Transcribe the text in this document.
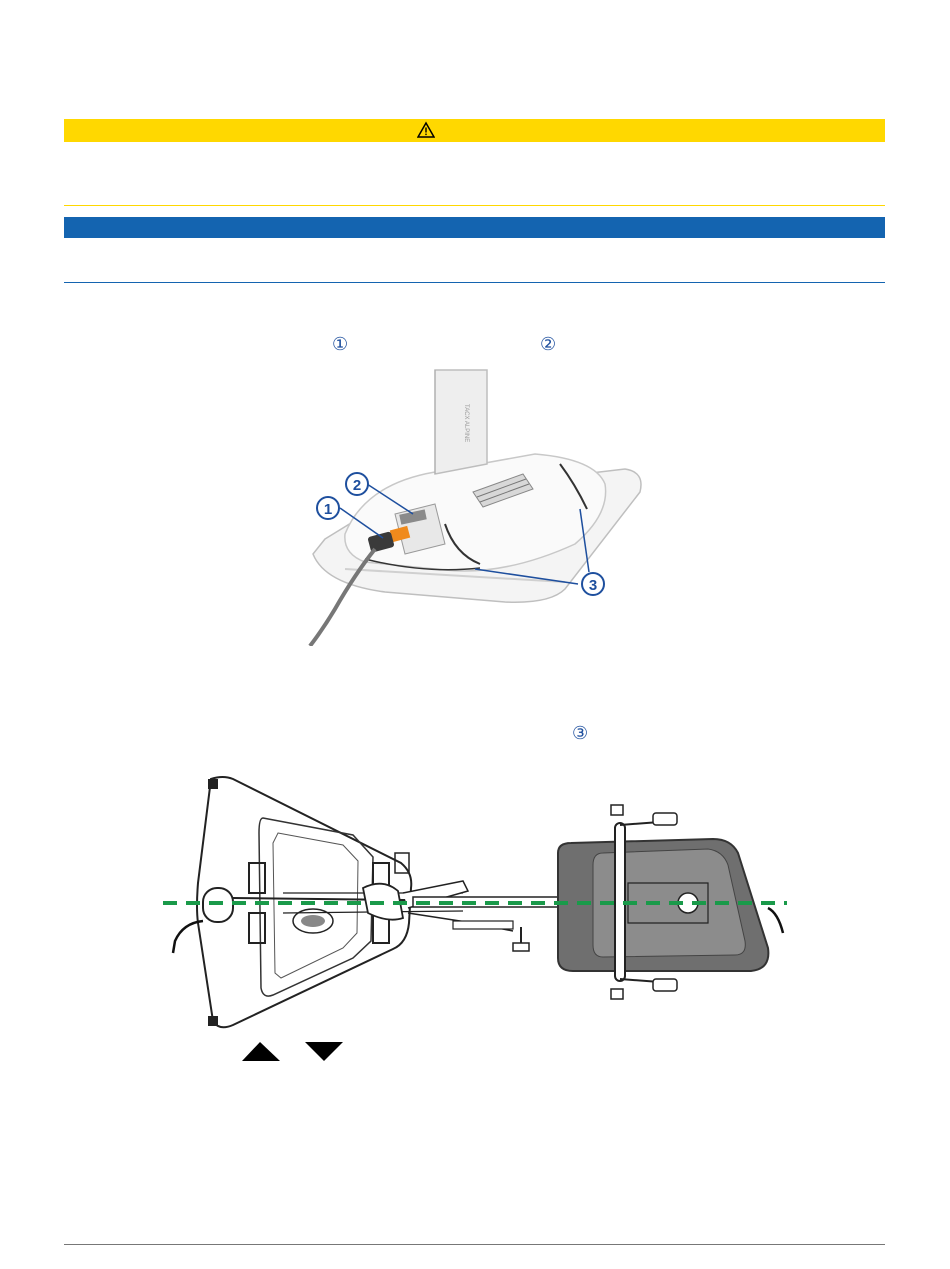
①	②
TACX ALPINE
1
2
3
③
